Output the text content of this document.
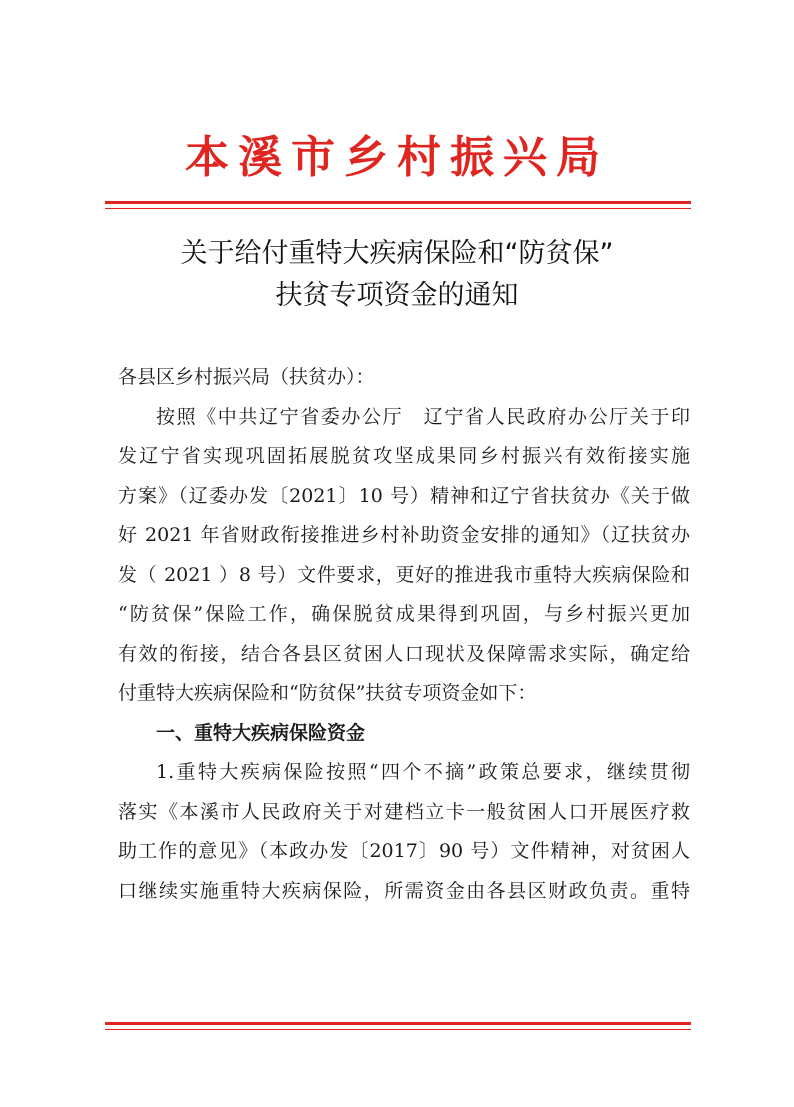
本溪市乡村振兴局
关于给付重特大疾病保险和“防贫保”
扶贫专项资金的通知
各县区乡村振兴局（扶贫办）：
按照《中共辽宁省委办公厅　辽宁省人民政府办公厅关于印
发辽宁省实现巩固拓展脱贫攻坚成果同乡村振兴有效衔接实施
方案》（辽委办发〔2021〕10 号）精神和辽宁省扶贫办《关于做
好 2021 年省财政衔接推进乡村补助资金安排的通知》（辽扶贫办
发（ 2021 ）8 号）文件要求，更好的推进我市重特大疾病保险和
“防贫保”保险工作，确保脱贫成果得到巩固，与乡村振兴更加
有效的衔接，结合各县区贫困人口现状及保障需求实际，确定给
付重特大疾病保险和“防贫保”扶贫专项资金如下：
一、重特大疾病保险资金
1.重特大疾病保险按照“四个不摘”政策总要求，继续贯彻
落实《本溪市人民政府关于对建档立卡一般贫困人口开展医疗救
助工作的意见》（本政办发〔2017〕90 号）文件精神，对贫困人
口继续实施重特大疾病保险，所需资金由各县区财政负责。重特
